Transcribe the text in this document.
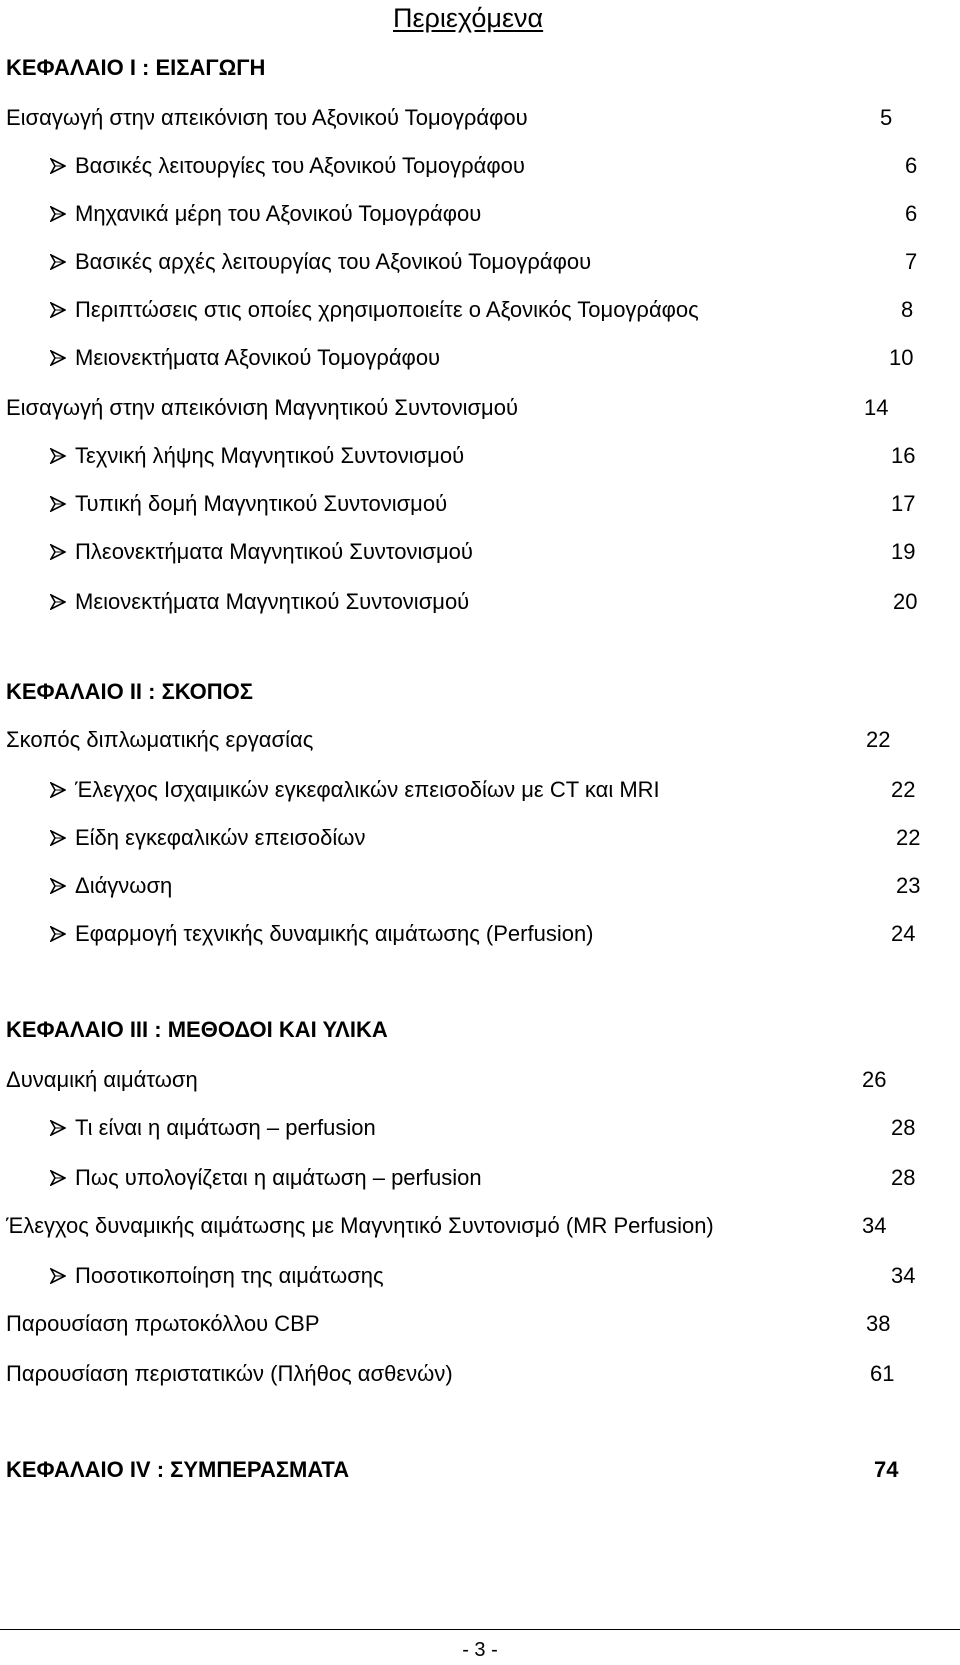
Περιεχόμενα
ΚΕΦΑΛΑΙΟ Ι : ΕΙΣΑΓΩΓΗ
Εισαγωγή στην απεικόνιση του Αξονικού Τομογράφου	5
Βασικές λειτουργίες του Αξονικού Τομογράφου	6
Μηχανικά μέρη του Αξονικού Τομογράφου	6
Βασικές αρχές λειτουργίας του Αξονικού Τομογράφου	7
Περιπτώσεις στις οποίες χρησιμοποιείτε ο Αξονικός Τομογράφος	8
Μειονεκτήματα Αξονικού Τομογράφου	10
Εισαγωγή στην απεικόνιση Μαγνητικού Συντονισμού	14
Τεχνική λήψης Μαγνητικού Συντονισμού	16
Τυπική δομή Μαγνητικού Συντονισμού	17
Πλεονεκτήματα Μαγνητικού Συντονισμού	19
Μειονεκτήματα Μαγνητικού Συντονισμού	20
ΚΕΦΑΛΑΙΟ ΙΙ : ΣΚΟΠΟΣ
Σκοπός διπλωματικής εργασίας	22
Έλεγχος Ισχαιμικών εγκεφαλικών επεισοδίων με CT και MRI	22
Είδη εγκεφαλικών επεισοδίων	22
Διάγνωση	23
Εφαρμογή τεχνικής δυναμικής αιμάτωσης (Perfusion)	24
ΚΕΦΑΛΑΙΟ ΙΙΙ : ΜΕΘΟΔΟΙ ΚΑΙ ΥΛΙΚΑ
Δυναμική αιμάτωση	26
Τι είναι η αιμάτωση – perfusion	28
Πως υπολογίζεται η αιμάτωση – perfusion	28
Έλεγχος δυναμικής αιμάτωσης με Μαγνητικό Συντονισμό (MR Perfusion)	34
Ποσοτικοποίηση της αιμάτωσης	34
Παρουσίαση πρωτοκόλλου CBP	38
Παρουσίαση περιστατικών (Πλήθος ασθενών)	61
ΚΕΦΑΛΑΙΟ IV : ΣΥΜΠΕΡΑΣΜΑΤΑ	74
- 3 -
